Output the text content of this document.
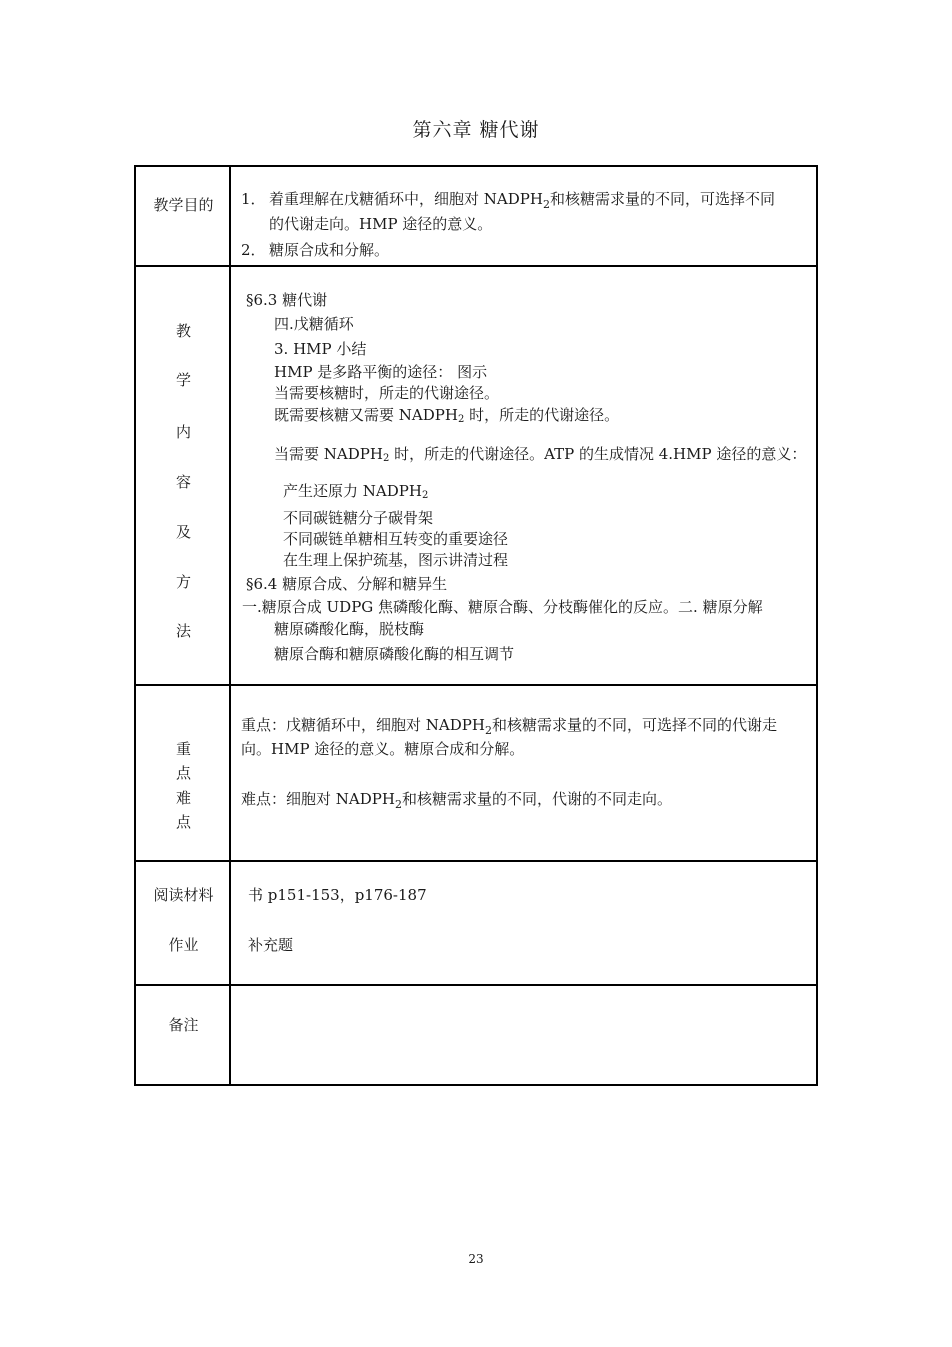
第六章 糖代谢
教学目的	1． 着重理解在戊糖循环中，细胞对 $NADPH_2$和核糖需求量的不同，可选择不同
的代谢走向。HMP 途径的意义。
2． 糖原合成和分解。
教
学
内
容
及
方
法
§6.3 糖代谢
四.戊糖循环
3. HMP 小结
HMP 是多路平衡的途径： 图示
当需要核糖时，所走的代谢途径。
既需要核糖又需要 NADPH2 时，所走的代谢途径。
当需要 NADPH2 时，所走的代谢途径。ATP 的生成情况 4.HMP 途径的意义：
产生还原力 NADPH2
不同碳链糖分子碳骨架
不同碳链单糖相互转变的重要途径
在生理上保护巯基，图示讲清过程
§6.4 糖原合成、分解和糖异生
一.糖原合成 UDPG 焦磷酸化酶、糖原合酶、分枝酶催化的反应。二. 糖原分解
糖原磷酸化酶，脱枝酶
糖原合酶和糖原磷酸化酶的相互调节
重
点
难
点
重点：戊糖循环中，细胞对 $NADPH_2$和核糖需求量的不同，可选择不同的代谢走
向。HMP 途径的意义。糖原合成和分解。
难点：细胞对 $NADPH_2$和核糖需求量的不同，代谢的不同走向。
阅读材料
作业
书 p151-153，p176-187
补充题
备注
23
